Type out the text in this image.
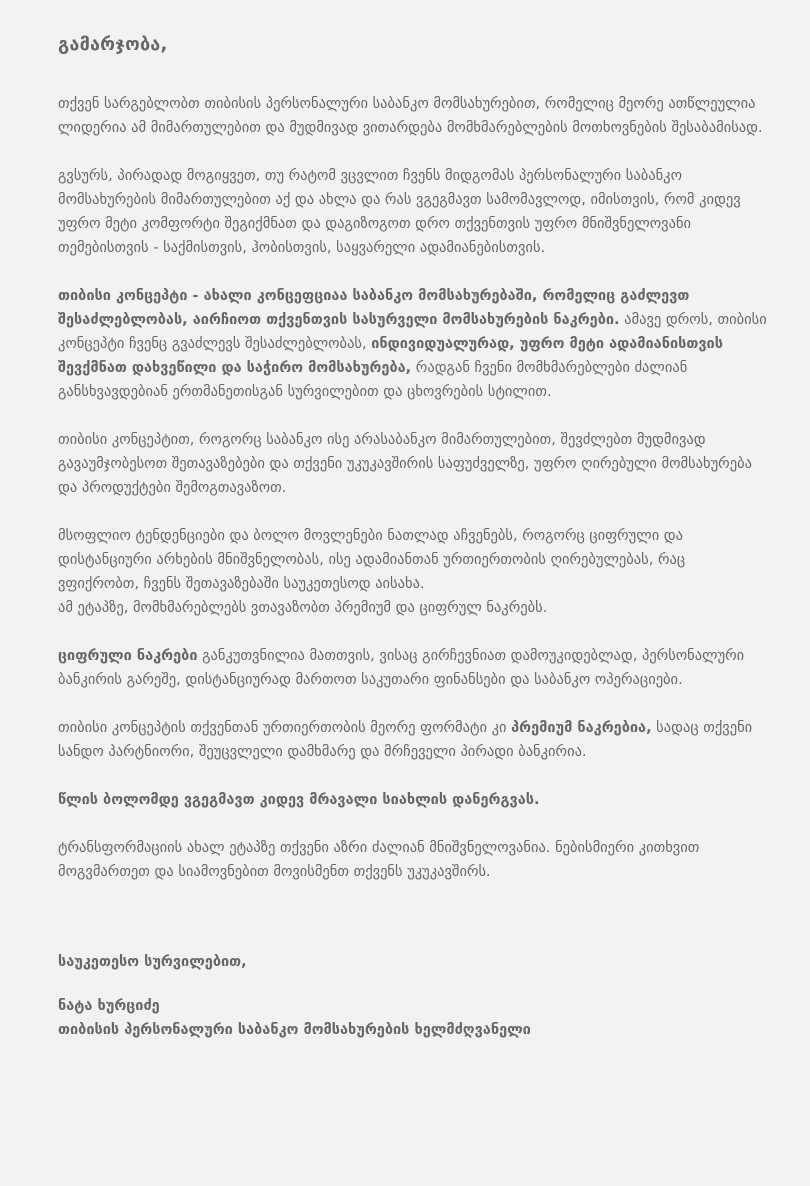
გამარჯობა,

თქვენ სარგებლობთ თიბისის პერსონალური საბანკო მომსახურებით, რომელიც მეორე ათწლეულია ლიდერია ამ მიმართულებით და მუდმივად ვითარდება მომხმარებლების მოთხოვნების შესაბამისად.

გვსურს, პირადად მოგიყვეთ, თუ რატომ ვცვლით ჩვენს მიდგომას პერსონალური საბანკო მომსახურების მიმართულებით აქ და ახლა და რას ვგეგმავთ სამომავლოდ, იმისთვის, რომ კიდევ უფრო მეტი კომფორტი შეგიქმნათ და დაგიზოგოთ დრო თქვენთვის უფრო მნიშვნელოვანი თემებისთვის - საქმისთვის, ჰობისთვის, საყვარელი ადამიანებისთვის.

თიბისი კონცეპტი - ახალი კონცეფციაა საბანკო მომსახურებაში, რომელიც გაძლევთ შესაძლებლობას, აირჩიოთ თქვენთვის სასურველი მომსახურების ნაკრები. ამავე დროს, თიბისი კონცეპტი ჩვენც გვაძლევს შესაძლებლობას, ინდივიდუალურად, უფრო მეტი ადამიანისთვის შევქმნათ დახვეწილი და საჭირო მომსახურება, რადგან ჩვენი მომხმარებლები ძალიან განსხვავდებიან ერთმანეთისგან სურვილებით და ცხოვრების სტილით.

თიბისი კონცეპტით, როგორც საბანკო ისე არასაბანკო მიმართულებით, შევძლებთ მუდმივად გავაუმჯობესოთ შეთავაზებები და თქვენი უკუკავშირის საფუძველზე, უფრო ღირებული მომსახურება და პროდუქტები შემოგთავაზოთ.

მსოფლიო ტენდენციები და ბოლო მოვლენები ნათლად აჩვენებს, როგორც ციფრული და დისტანციური არხების მნიშვნელობას, ისე ადამიანთან ურთიერთობის ღირებულებას, რაც ვფიქრობთ, ჩვენს შეთავაზებაში საუკეთესოდ აისახა.
ამ ეტაპზე, მომხმარებლებს ვთავაზობთ პრემიუმ და ციფრულ ნაკრებს.

ციფრული ნაკრები განკუთვნილია მათთვის, ვისაც გირჩევნიათ დამოუკიდებლად, პერსონალური ბანკირის გარეშე, დისტანციურად მართოთ საკუთარი ფინანსები და საბანკო ოპერაციები.

თიბისი კონცეპტის თქვენთან ურთიერთობის მეორე ფორმატი კი პრემიუმ ნაკრებია, სადაც თქვენი სანდო პარტნიორი, შეუცვლელი დამხმარე და მრჩეველი პირადი ბანკირია.

წლის ბოლომდე ვგეგმავთ კიდევ მრავალი სიახლის დანერგვას.

ტრანსფორმაციის ახალ ეტაპზე თქვენი აზრი ძალიან მნიშვნელოვანია. ნებისმიერი კითხვით მოგვმართეთ და სიამოვნებით მოვისმენთ თქვენს უკუკავშირს.

საუკეთესო სურვილებით,
ნატა ხურციძე
თიბისის პერსონალური საბანკო მომსახურების ხელმძღვანელი
